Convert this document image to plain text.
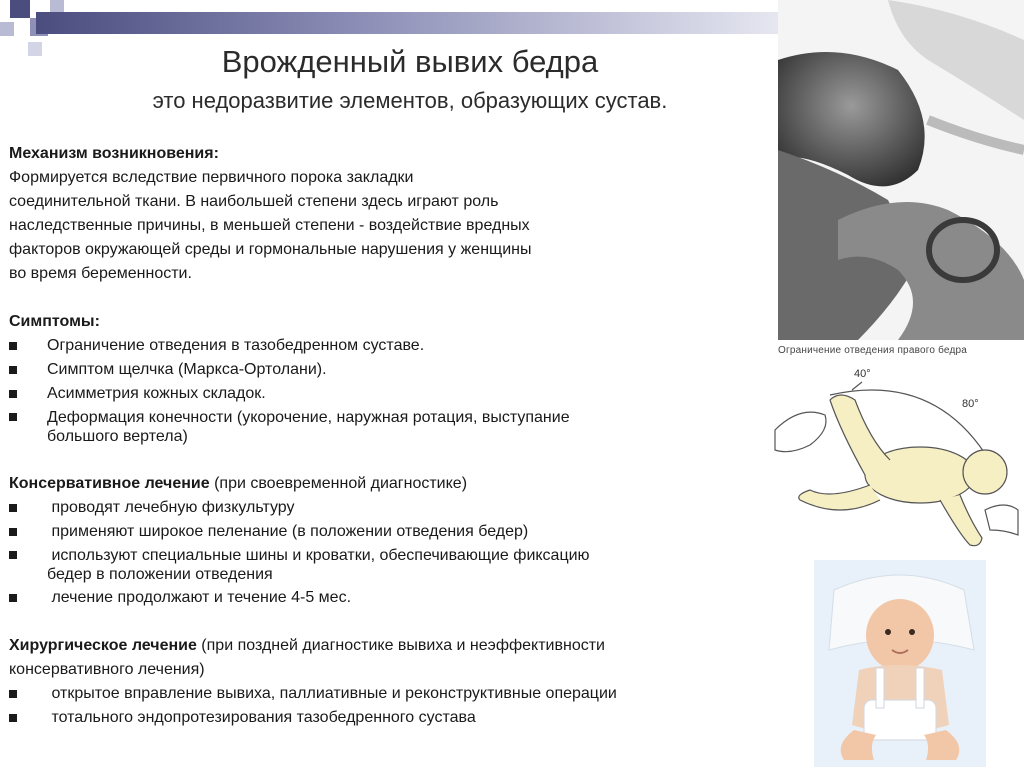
Врожденный вывих бедра
это недоразвитие элементов, образующих сустав.
Механизм возникновения:
Формируется вследствие первичного порока закладки
соединительной ткани. В наибольшей степени здесь играют роль
наследственные причины, в меньшей степени - воздействие вредных
факторов окружающей среды и гормональные нарушения у женщины
во время беременности.
Симптомы:
Ограничение отведения в тазобедренном суставе.
Симптом щелчка (Маркса-Ортолани).
Асимметрия кожных складок.
Деформация конечности (укорочение, наружная ротация, выступание
большого вертела)
Консервативное лечение (при своевременной диагностике)
проводят лечебную физкультуру
применяют широкое пеленание (в положении отведения бедер)
используют специальные шины и кроватки, обеспечивающие фиксацию
бедер в положении отведения
лечение продолжают и течение 4-5 мес.
Хирургическое лечение (при поздней диагностике вывиха и неэффективности
консервативного лечения)
открытое вправление вывиха, паллиативные и реконструктивные операции
тотального эндопротезирования тазобедренного сустава
Ограничение отведения правого бедра
40°
80°
